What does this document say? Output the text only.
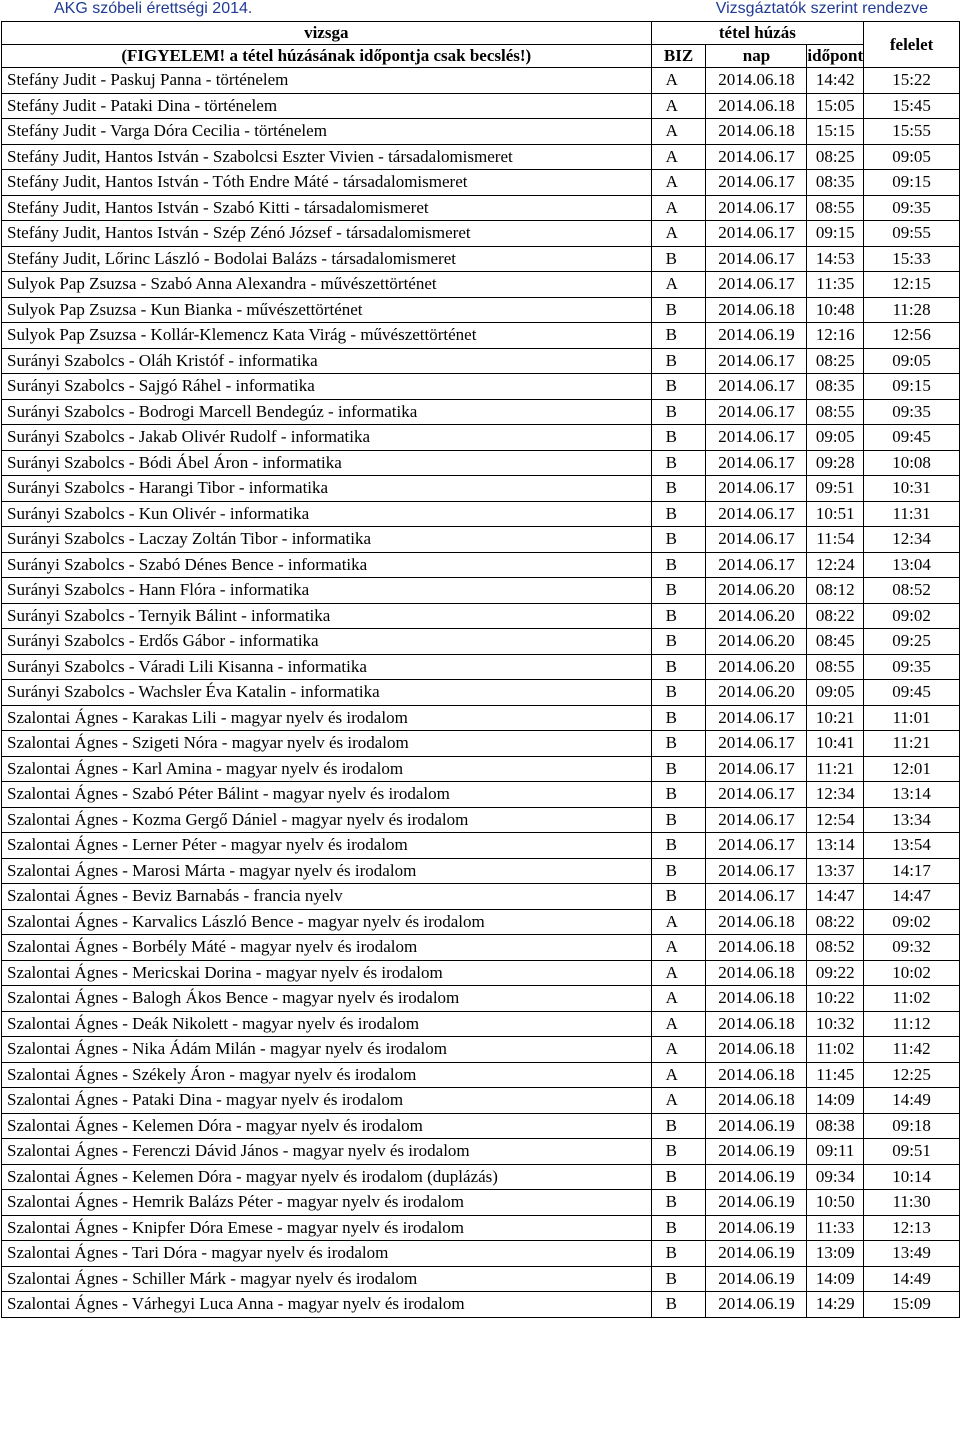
AKG szóbeli érettségi 2014.	Vizsgáztatók szerint rendezve
vizsga	tétel húzás			felelet
(FIGYELEM! a tétel húzásának időpontja csak becslés!)	BIZ	nap	időpont	
Stefány Judit - Paskuj Panna - történelem	A	2014.06.18	14:42	15:22
Stefány Judit - Pataki Dina - történelem	A	2014.06.18	15:05	15:45
Stefány Judit - Varga Dóra Cecilia - történelem	A	2014.06.18	15:15	15:55
Stefány Judit, Hantos István - Szabolcsi Eszter Vivien - társadalomismeret	A	2014.06.17	08:25	09:05
Stefány Judit, Hantos István - Tóth Endre Máté - társadalomismeret	A	2014.06.17	08:35	09:15
Stefány Judit, Hantos István - Szabó Kitti - társadalomismeret	A	2014.06.17	08:55	09:35
Stefány Judit, Hantos István - Szép Zénó József - társadalomismeret	A	2014.06.17	09:15	09:55
Stefány Judit, Lőrinc László - Bodolai Balázs - társadalomismeret	B	2014.06.17	14:53	15:33
Sulyok Pap Zsuzsa - Szabó Anna Alexandra - művészettörténet	A	2014.06.17	11:35	12:15
Sulyok Pap Zsuzsa - Kun Bianka - művészettörténet	B	2014.06.18	10:48	11:28
Sulyok Pap Zsuzsa - Kollár-Klemencz Kata Virág - művészettörténet	B	2014.06.19	12:16	12:56
Surányi Szabolcs - Oláh Kristóf - informatika	B	2014.06.17	08:25	09:05
Surányi Szabolcs - Sajgó Ráhel - informatika	B	2014.06.17	08:35	09:15
Surányi Szabolcs - Bodrogi Marcell Bendegúz - informatika	B	2014.06.17	08:55	09:35
Surányi Szabolcs - Jakab Olivér Rudolf - informatika	B	2014.06.17	09:05	09:45
Surányi Szabolcs - Bódi Ábel Áron - informatika	B	2014.06.17	09:28	10:08
Surányi Szabolcs - Harangi Tibor - informatika	B	2014.06.17	09:51	10:31
Surányi Szabolcs - Kun Olivér - informatika	B	2014.06.17	10:51	11:31
Surányi Szabolcs - Laczay Zoltán Tibor - informatika	B	2014.06.17	11:54	12:34
Surányi Szabolcs - Szabó Dénes Bence - informatika	B	2014.06.17	12:24	13:04
Surányi Szabolcs - Hann Flóra - informatika	B	2014.06.20	08:12	08:52
Surányi Szabolcs - Ternyik Bálint - informatika	B	2014.06.20	08:22	09:02
Surányi Szabolcs - Erdős Gábor - informatika	B	2014.06.20	08:45	09:25
Surányi Szabolcs - Váradi Lili Kisanna - informatika	B	2014.06.20	08:55	09:35
Surányi Szabolcs - Wachsler Éva Katalin - informatika	B	2014.06.20	09:05	09:45
Szalontai Ágnes - Karakas Lili - magyar nyelv és irodalom	B	2014.06.17	10:21	11:01
Szalontai Ágnes - Szigeti Nóra - magyar nyelv és irodalom	B	2014.06.17	10:41	11:21
Szalontai Ágnes - Karl Amina - magyar nyelv és irodalom	B	2014.06.17	11:21	12:01
Szalontai Ágnes - Szabó Péter Bálint - magyar nyelv és irodalom	B	2014.06.17	12:34	13:14
Szalontai Ágnes - Kozma Gergő Dániel - magyar nyelv és irodalom	B	2014.06.17	12:54	13:34
Szalontai Ágnes - Lerner Péter - magyar nyelv és irodalom	B	2014.06.17	13:14	13:54
Szalontai Ágnes - Marosi Márta - magyar nyelv és irodalom	B	2014.06.17	13:37	14:17
Szalontai Ágnes - Beviz Barnabás - francia nyelv	B	2014.06.17	14:47	14:47
Szalontai Ágnes - Karvalics László Bence - magyar nyelv és irodalom	A	2014.06.18	08:22	09:02
Szalontai Ágnes - Borbély Máté - magyar nyelv és irodalom	A	2014.06.18	08:52	09:32
Szalontai Ágnes - Mericskai Dorina - magyar nyelv és irodalom	A	2014.06.18	09:22	10:02
Szalontai Ágnes - Balogh Ákos Bence - magyar nyelv és irodalom	A	2014.06.18	10:22	11:02
Szalontai Ágnes - Deák Nikolett - magyar nyelv és irodalom	A	2014.06.18	10:32	11:12
Szalontai Ágnes - Nika Ádám Milán - magyar nyelv és irodalom	A	2014.06.18	11:02	11:42
Szalontai Ágnes - Székely Áron - magyar nyelv és irodalom	A	2014.06.18	11:45	12:25
Szalontai Ágnes - Pataki Dina - magyar nyelv és irodalom	A	2014.06.18	14:09	14:49
Szalontai Ágnes - Kelemen Dóra - magyar nyelv és irodalom	B	2014.06.19	08:38	09:18
Szalontai Ágnes - Ferenczi Dávid János - magyar nyelv és irodalom	B	2014.06.19	09:11	09:51
Szalontai Ágnes - Kelemen Dóra - magyar nyelv és irodalom (duplázás)	B	2014.06.19	09:34	10:14
Szalontai Ágnes - Hemrik Balázs Péter - magyar nyelv és irodalom	B	2014.06.19	10:50	11:30
Szalontai Ágnes - Knipfer Dóra Emese - magyar nyelv és irodalom	B	2014.06.19	11:33	12:13
Szalontai Ágnes - Tari Dóra - magyar nyelv és irodalom	B	2014.06.19	13:09	13:49
Szalontai Ágnes - Schiller Márk - magyar nyelv és irodalom	B	2014.06.19	14:09	14:49
Szalontai Ágnes - Várhegyi Luca Anna - magyar nyelv és irodalom	B	2014.06.19	14:29	15:09
